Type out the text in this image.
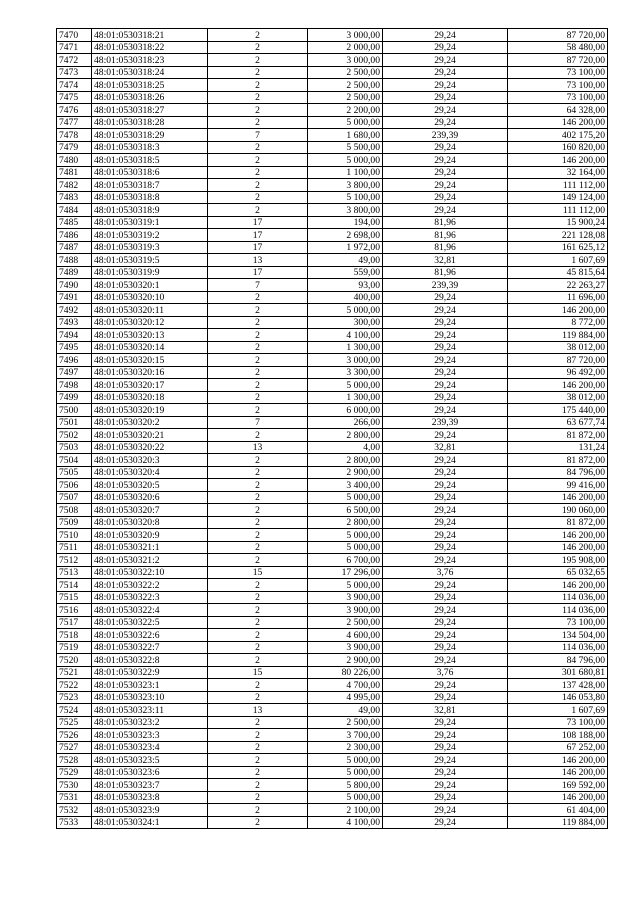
7470	48:01:0530318:21	2	3 000,00	29,24	87 720,00
7471	48:01:0530318:22	2	2 000,00	29,24	58 480,00
7472	48:01:0530318:23	2	3 000,00	29,24	87 720,00
7473	48:01:0530318:24	2	2 500,00	29,24	73 100,00
7474	48:01:0530318:25	2	2 500,00	29,24	73 100,00
7475	48:01:0530318:26	2	2 500,00	29,24	73 100,00
7476	48:01:0530318:27	2	2 200,00	29,24	64 328,00
7477	48:01:0530318:28	2	5 000,00	29,24	146 200,00
7478	48:01:0530318:29	7	1 680,00	239,39	402 175,20
7479	48:01:0530318:3	2	5 500,00	29,24	160 820,00
7480	48:01:0530318:5	2	5 000,00	29,24	146 200,00
7481	48:01:0530318:6	2	1 100,00	29,24	32 164,00
7482	48:01:0530318:7	2	3 800,00	29,24	111 112,00
7483	48:01:0530318:8	2	5 100,00	29,24	149 124,00
7484	48:01:0530318:9	2	3 800,00	29,24	111 112,00
7485	48:01:0530319:1	17	194,00	81,96	15 900,24
7486	48:01:0530319:2	17	2 698,00	81,96	221 128,08
7487	48:01:0530319:3	17	1 972,00	81,96	161 625,12
7488	48:01:0530319:5	13	49,00	32,81	1 607,69
7489	48:01:0530319:9	17	559,00	81,96	45 815,64
7490	48:01:0530320:1	7	93,00	239,39	22 263,27
7491	48:01:0530320:10	2	400,00	29,24	11 696,00
7492	48:01:0530320:11	2	5 000,00	29,24	146 200,00
7493	48:01:0530320:12	2	300,00	29,24	8 772,00
7494	48:01:0530320:13	2	4 100,00	29,24	119 884,00
7495	48:01:0530320:14	2	1 300,00	29,24	38 012,00
7496	48:01:0530320:15	2	3 000,00	29,24	87 720,00
7497	48:01:0530320:16	2	3 300,00	29,24	96 492,00
7498	48:01:0530320:17	2	5 000,00	29,24	146 200,00
7499	48:01:0530320:18	2	1 300,00	29,24	38 012,00
7500	48:01:0530320:19	2	6 000,00	29,24	175 440,00
7501	48:01:0530320:2	7	266,00	239,39	63 677,74
7502	48:01:0530320:21	2	2 800,00	29,24	81 872,00
7503	48:01:0530320:22	13	4,00	32,81	131,24
7504	48:01:0530320:3	2	2 800,00	29,24	81 872,00
7505	48:01:0530320:4	2	2 900,00	29,24	84 796,00
7506	48:01:0530320:5	2	3 400,00	29,24	99 416,00
7507	48:01:0530320:6	2	5 000,00	29,24	146 200,00
7508	48:01:0530320:7	2	6 500,00	29,24	190 060,00
7509	48:01:0530320:8	2	2 800,00	29,24	81 872,00
7510	48:01:0530320:9	2	5 000,00	29,24	146 200,00
7511	48:01:0530321:1	2	5 000,00	29,24	146 200,00
7512	48:01:0530321:2	2	6 700,00	29,24	195 908,00
7513	48:01:0530322:10	15	17 296,00	3,76	65 032,65
7514	48:01:0530322:2	2	5 000,00	29,24	146 200,00
7515	48:01:0530322:3	2	3 900,00	29,24	114 036,00
7516	48:01:0530322:4	2	3 900,00	29,24	114 036,00
7517	48:01:0530322:5	2	2 500,00	29,24	73 100,00
7518	48:01:0530322:6	2	4 600,00	29,24	134 504,00
7519	48:01:0530322:7	2	3 900,00	29,24	114 036,00
7520	48:01:0530322:8	2	2 900,00	29,24	84 796,00
7521	48:01:0530322:9	15	80 226,00	3,76	301 680,81
7522	48:01:0530323:1	2	4 700,00	29,24	137 428,00
7523	48:01:0530323:10	2	4 995,00	29,24	146 053,80
7524	48:01:0530323:11	13	49,00	32,81	1 607,69
7525	48:01:0530323:2	2	2 500,00	29,24	73 100,00
7526	48:01:0530323:3	2	3 700,00	29,24	108 188,00
7527	48:01:0530323:4	2	2 300,00	29,24	67 252,00
7528	48:01:0530323:5	2	5 000,00	29,24	146 200,00
7529	48:01:0530323:6	2	5 000,00	29,24	146 200,00
7530	48:01:0530323:7	2	5 800,00	29,24	169 592,00
7531	48:01:0530323:8	2	5 000,00	29,24	146 200,00
7532	48:01:0530323:9	2	2 100,00	29,24	61 404,00
7533	48:01:0530324:1	2	4 100,00	29,24	119 884,00
